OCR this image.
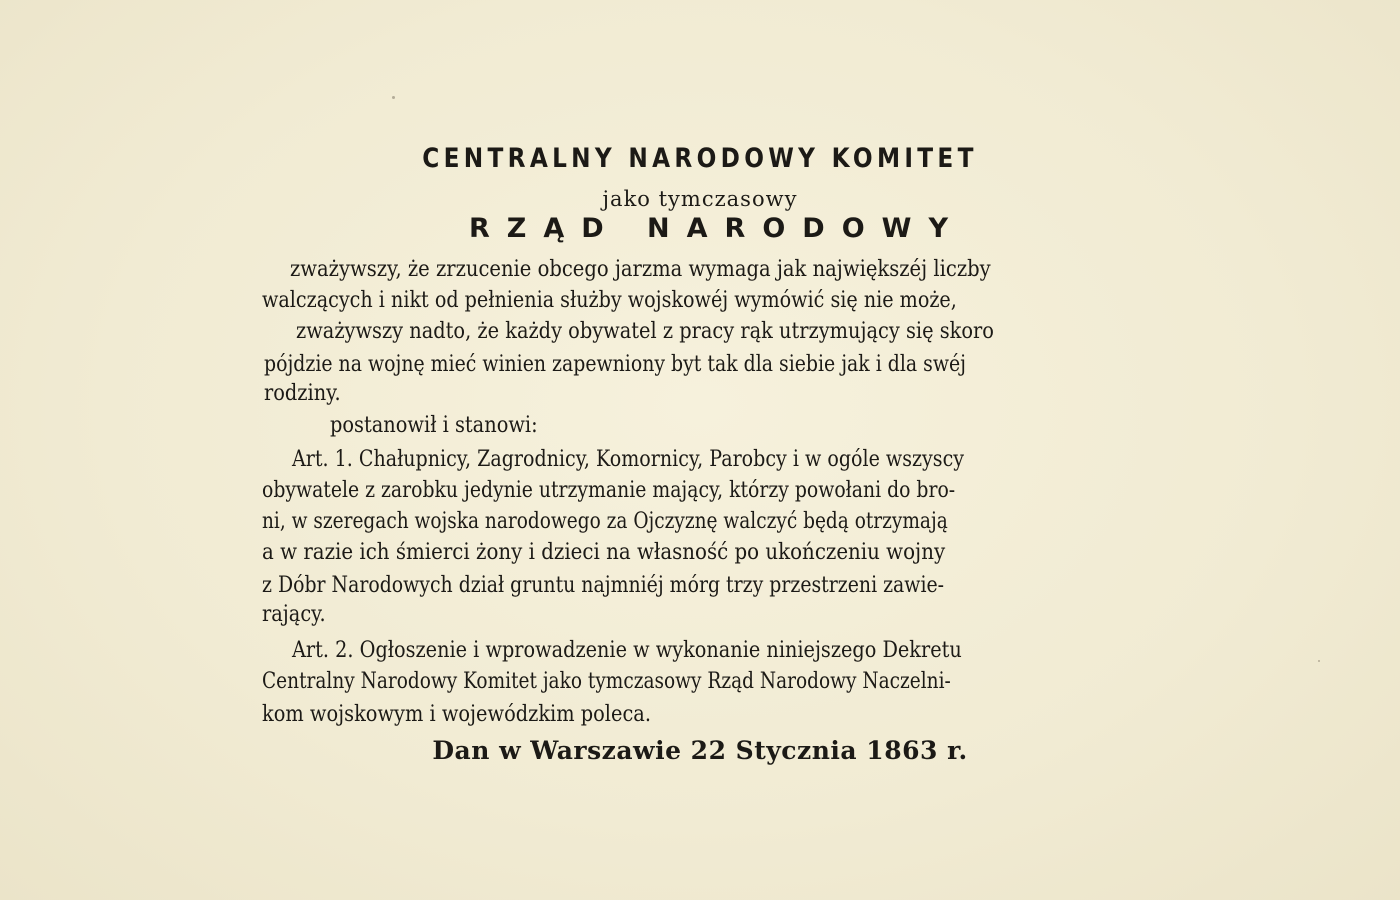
CENTRALNY NARODOWY KOMITET
jako tymczasowy
RZĄD NARODOWY
zważywszy, że zrzucenie obcego jarzma wymaga jak największéj liczby
walczących i nikt od pełnienia służby wojskowéj wymówić się nie może,
zważywszy nadto, że każdy obywatel z pracy rąk utrzymujący się skoro
pójdzie na wojnę mieć winien zapewniony byt tak dla siebie jak i dla swéj
rodziny.
postanowił i stanowi:
Art. 1. Chałupnicy, Zagrodnicy, Komornicy, Parobcy i w ogóle wszyscy
obywatele z zarobku jedynie utrzymanie mający, którzy powołani do bro-
ni, w szeregach wojska narodowego za Ojczyznę walczyć będą otrzymają
a w razie ich śmierci żony i dzieci na własność po ukończeniu wojny
z Dóbr Narodowych dział gruntu najmniéj mórg trzy przestrzeni zawie-
rający.
Art. 2. Ogłoszenie i wprowadzenie w wykonanie niniejszego Dekretu
Centralny Narodowy Komitet jako tymczasowy Rząd Narodowy Naczelni-
kom wojskowym i wojewódzkim poleca.
Dan w Warszawie 22 Stycznia 1863 r.
